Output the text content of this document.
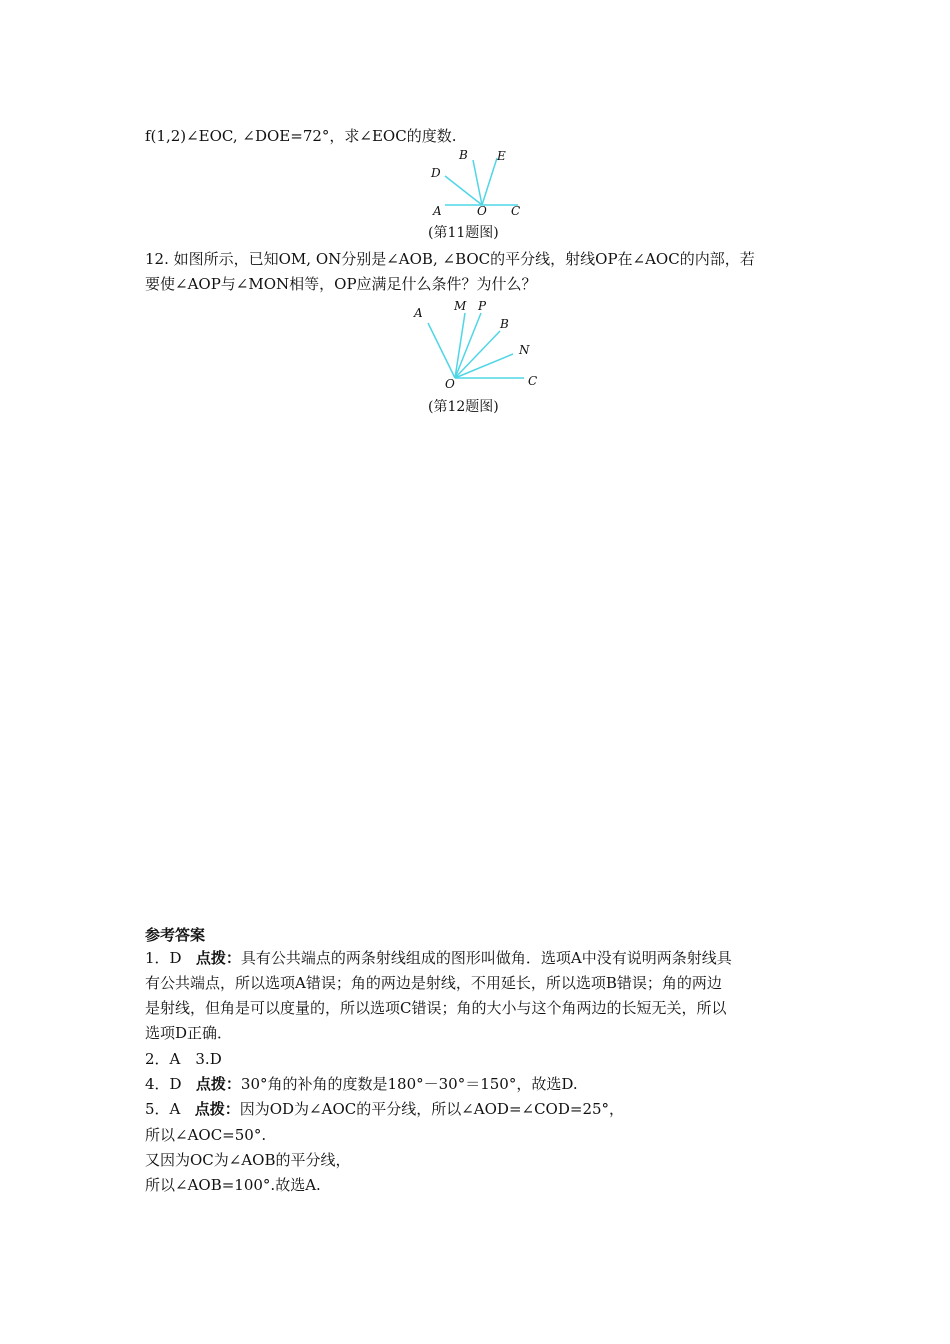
f(1,2)∠EOC, ∠DOE=72°，求∠EOC的度数.
A	O C
D
B E
(第11题图)
12. 如图所示，已知OM, ON分别是∠AOB, ∠BOC的平分线，射线OP在∠AOC的内部，若
要使∠AOP与∠MON相等，OP应满足什么条件？为什么？
A	M P
B
N
O	C
(第12题图)
参考答案
1．D 点拨：具有公共端点的两条射线组成的图形叫做角．选项A中没有说明两条射线具
有公共端点，所以选项A错误；角的两边是射线，不用延长，所以选项B错误；角的两边
是射线，但角是可以度量的，所以选项C错误；角的大小与这个角两边的长短无关，所以
选项D正确．
2．A　3.D
4．D 点拨：30°角的补角的度数是180°－30°＝150°，故选D.
5．A 点拨：因为OD为∠AOC的平分线，所以∠AOD=∠COD=25°，
所以∠AOC=50°.
又因为OC为∠AOB的平分线，
所以∠AOB=100°.故选A.
